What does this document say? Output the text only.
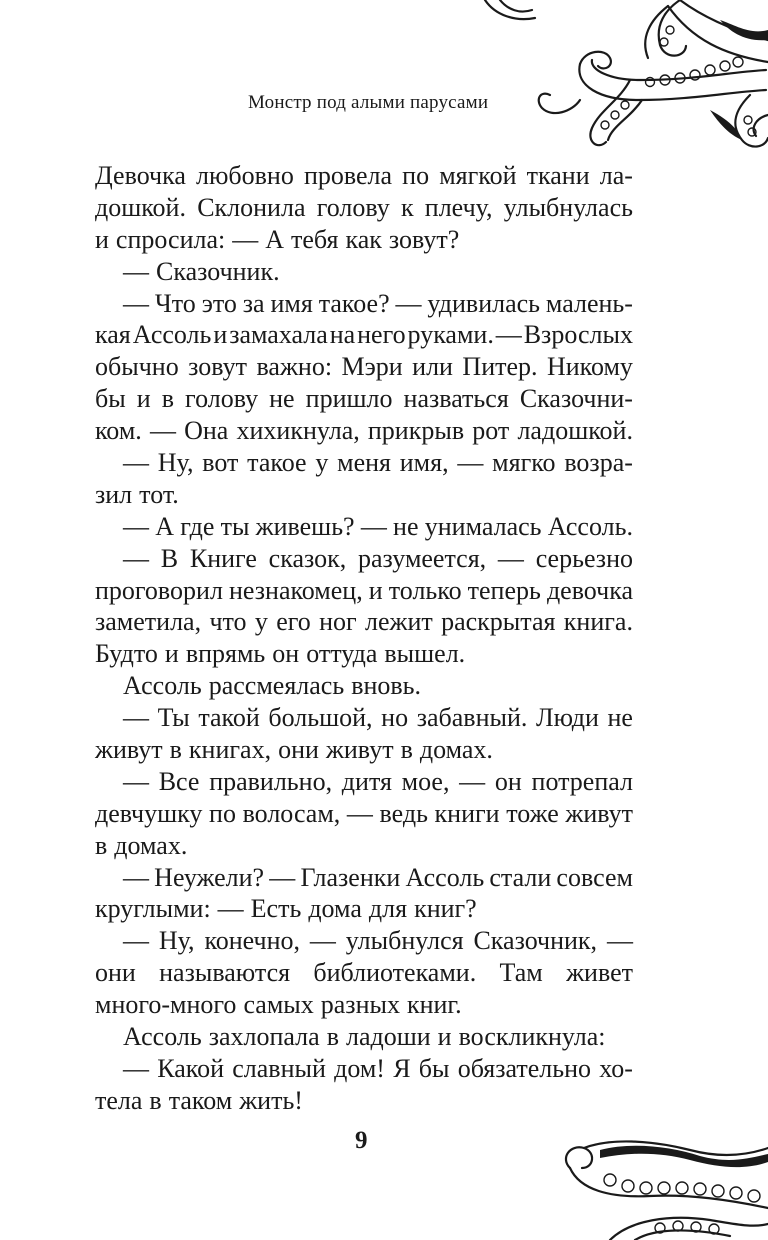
Монстр под алыми парусами
Девочка любовно провела по мягкой ткани ла-
дошкой. Склонила голову к плечу, улыбнулась
и спросила: — А тебя как зовут?
— Сказочник.
— Что это за имя такое? — удивилась малень-
кая Ассоль и замахала на него руками. — Взрослых
обычно зовут важно: Мэри или Питер. Никому
бы и в голову не пришло назваться Сказочни-
ком. — Она хихикнула, прикрыв рот ладошкой.
— Ну, вот такое у меня имя, — мягко возра-
зил тот.
— А где ты живешь? — не унималась Ассоль.
— В Книге сказок, разумеется, — серьезно
проговорил незнакомец, и только теперь девочка
заметила, что у его ног лежит раскрытая книга.
Будто и впрямь он оттуда вышел.
Ассоль рассмеялась вновь.
— Ты такой большой, но забавный. Люди не
живут в книгах, они живут в домах.
— Все правильно, дитя мое, — он потрепал
девчушку по волосам, — ведь книги тоже живут
в домах.
— Неужели? — Глазенки Ассоль стали совсем
круглыми: — Есть дома для книг?
— Ну, конечно, — улыбнулся Сказочник, —
они называются библиотеками. Там живет
много-много самых разных книг.
Ассоль захлопала в ладоши и воскликнула:
— Какой славный дом! Я бы обязательно хо-
тела в таком жить!
9
